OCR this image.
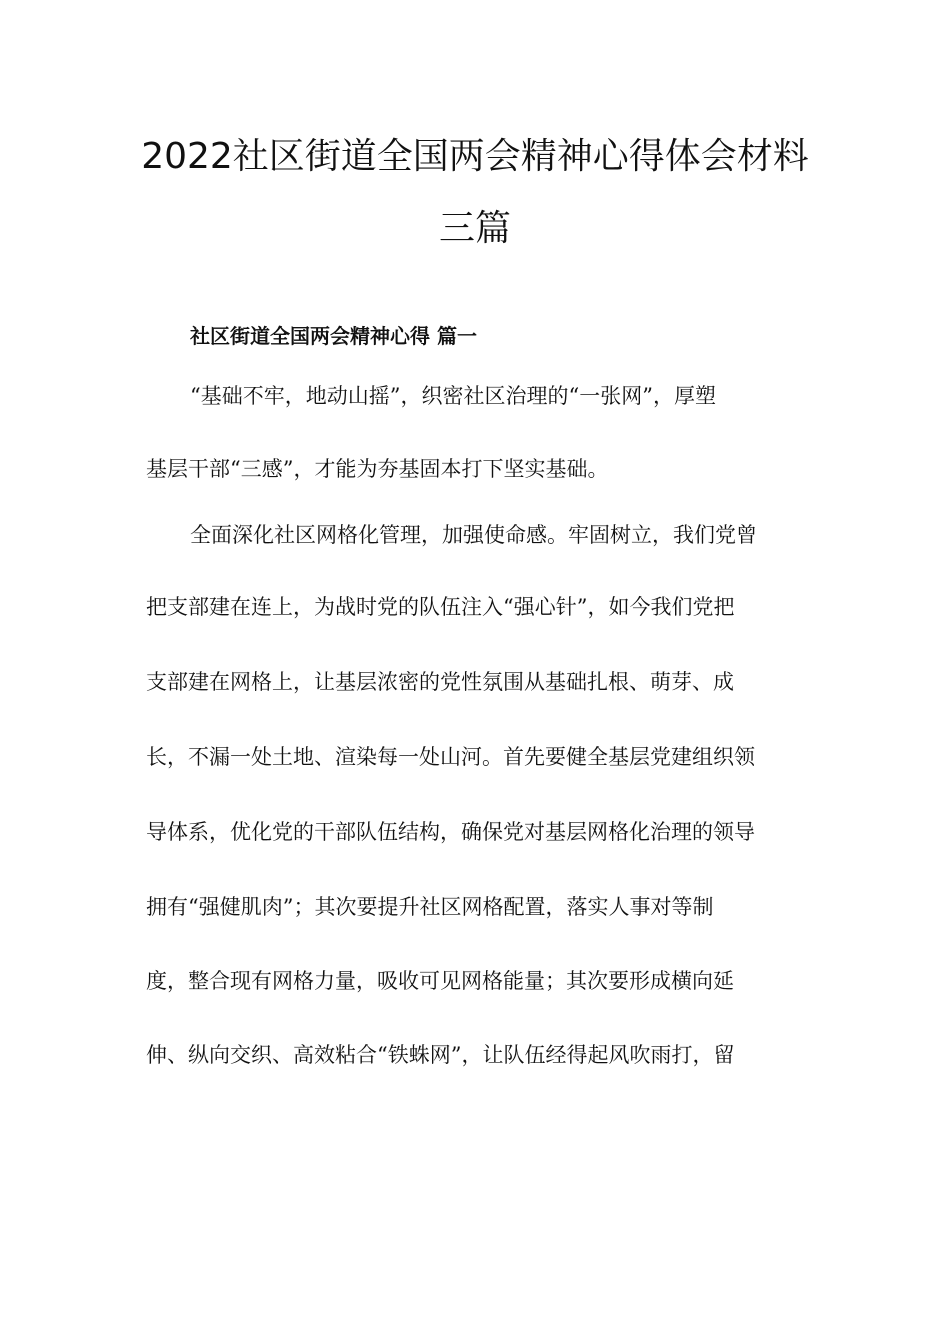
2022社区街道全国两会精神心得体会材料
三篇
社区街道全国两会精神心得 篇一
“基础不牢，地动山摇”，织密社区治理的“一张网”，厚塑
基层干部“三感”，才能为夯基固本打下坚实基础。
全面深化社区网格化管理，加强使命感。牢固树立，我们党曾
把支部建在连上，为战时党的队伍注入“强心针”，如今我们党把
支部建在网格上，让基层浓密的党性氛围从基础扎根、萌芽、成
长，不漏一处土地、渲染每一处山河。首先要健全基层党建组织领
导体系，优化党的干部队伍结构，确保党对基层网格化治理的领导
拥有“强健肌肉”；其次要提升社区网格配置，落实人事对等制
度，整合现有网格力量，吸收可见网格能量；其次要形成横向延
伸、纵向交织、高效粘合“铁蛛网”，让队伍经得起风吹雨打，留
